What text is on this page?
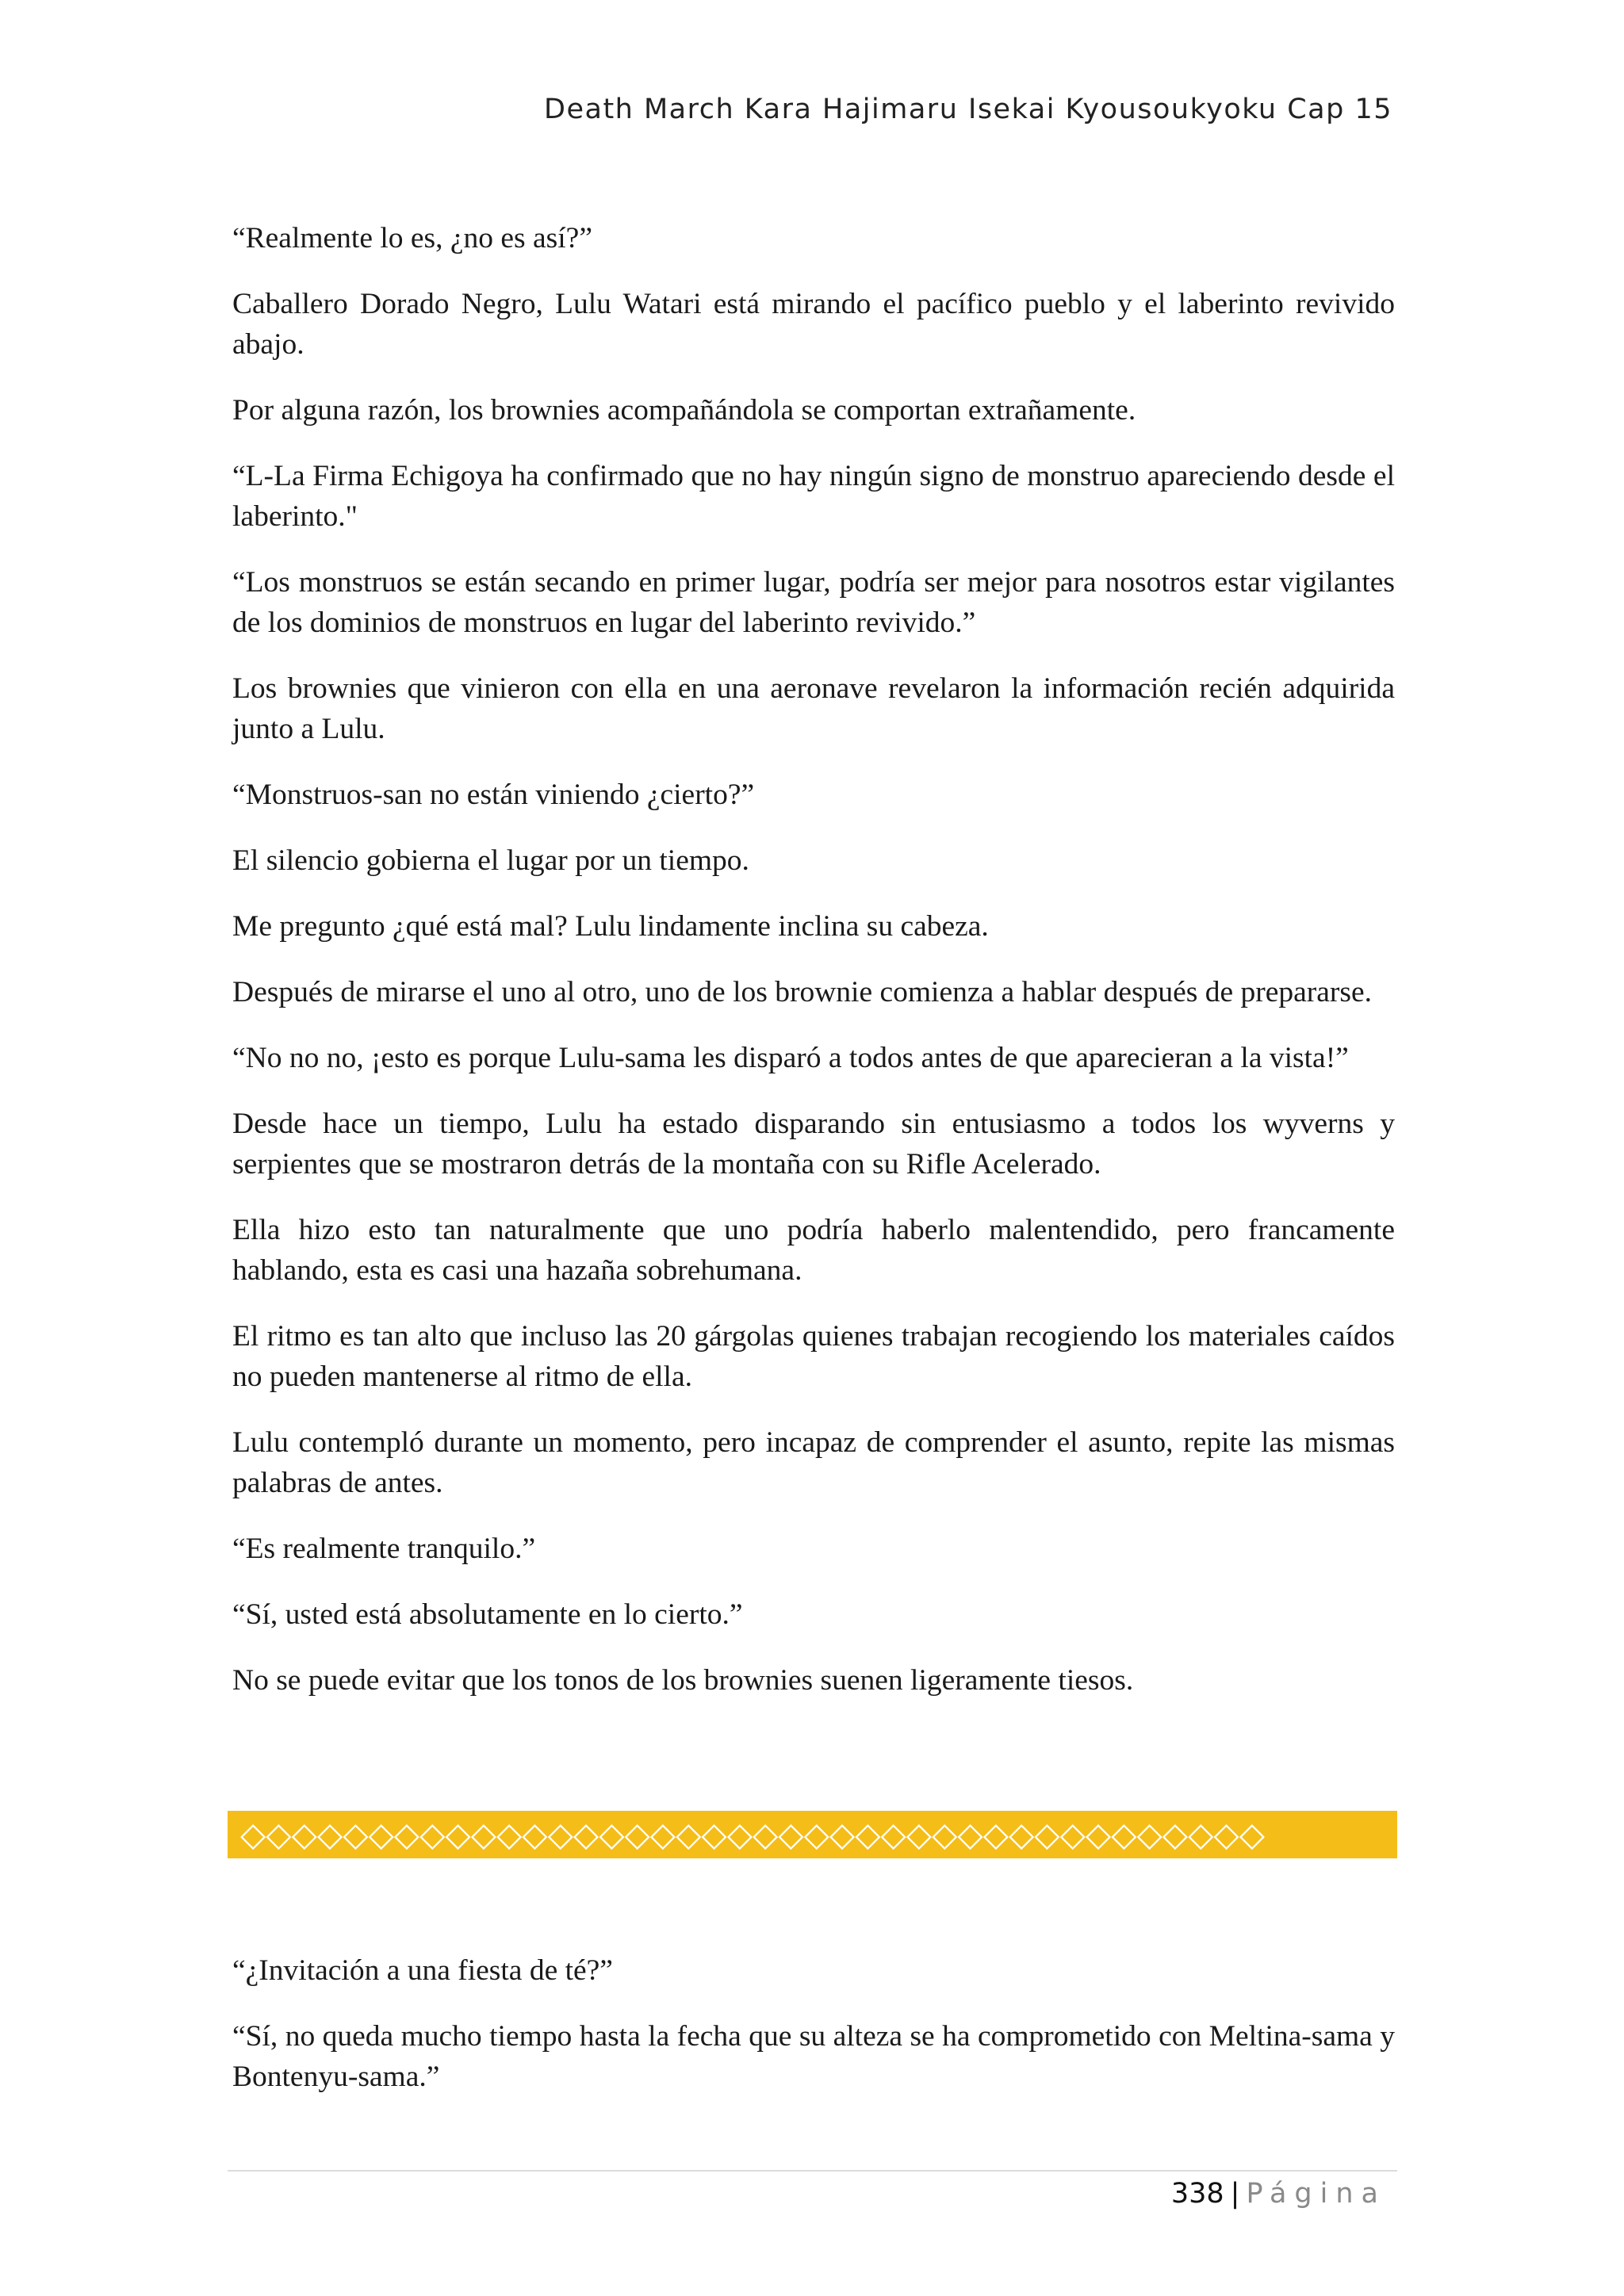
Death March Kara Hajimaru Isekai Kyousoukyoku Cap 15

“Realmente lo es, ¿no es así?”

Caballero Dorado Negro, Lulu Watari está mirando el pacífico pueblo y el laberinto revivido abajo.

Por alguna razón, los brownies acompañándola se comportan extrañamente.

“L-La Firma Echigoya ha confirmado que no hay ningún signo de monstruo apareciendo desde el laberinto."

“Los monstruos se están secando en primer lugar, podría ser mejor para nosotros estar vigilantes de los dominios de monstruos en lugar del laberinto revivido.”

Los brownies que vinieron con ella en una aeronave revelaron la información recién adquirida junto a Lulu.

“Monstruos-san no están viniendo ¿cierto?”

El silencio gobierna el lugar por un tiempo.

Me pregunto ¿qué está mal? Lulu lindamente inclina su cabeza.

Después de mirarse el uno al otro, uno de los brownie comienza a hablar después de prepararse.

“No no no, ¡esto es porque Lulu-sama les disparó a todos antes de que aparecieran a la vista!”

Desde hace un tiempo, Lulu ha estado disparando sin entusiasmo a todos los wyverns y serpientes que se mostraron detrás de la montaña con su Rifle Acelerado.

Ella hizo esto tan naturalmente que uno podría haberlo malentendido, pero francamente hablando, esta es casi una hazaña sobrehumana.

El ritmo es tan alto que incluso las 20 gárgolas quienes trabajan recogiendo los materiales caídos no pueden mantenerse al ritmo de ella.

Lulu contempló durante un momento, pero incapaz de comprender el asunto, repite las mismas palabras de antes.

“Es realmente tranquilo.”

“Sí, usted está absolutamente en lo cierto.”

No se puede evitar que los tonos de los brownies suenen ligeramente tiesos.

◇◇◇◇◇◇◇◇◇◇◇◇◇◇◇◇◇◇◇◇◇◇◇◇◇◇◇◇◇◇◇◇◇◇◇◇◇◇◇◇

“¿Invitación a una fiesta de té?”

“Sí, no queda mucho tiempo hasta la fecha que su alteza se ha comprometido con Meltina-sama y Bontenyu-sama.”

338 | Página
